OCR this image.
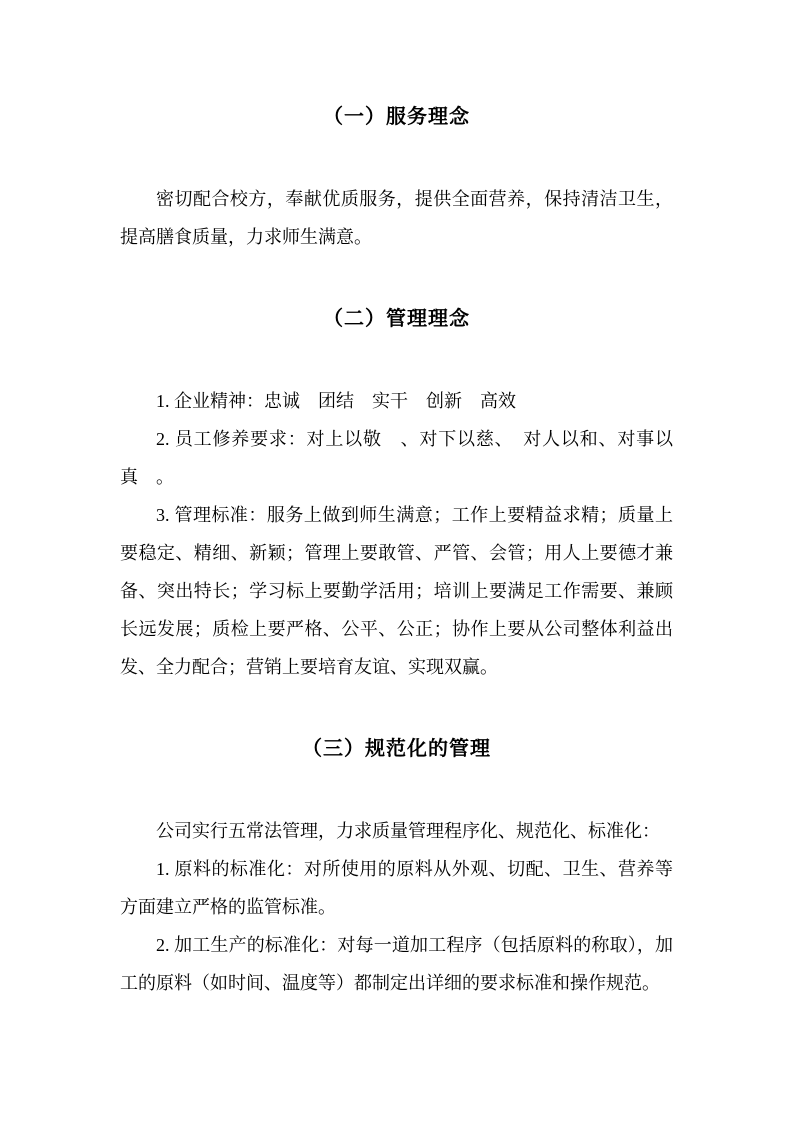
（一）服务理念

密切配合校方，奉献优质服务，提供全面营养，保持清洁卫生，提高膳食质量，力求师生满意。

（二）管理理念

1. 企业精神：忠诚　团结　实干　创新　高效

2. 员工修养要求：对上以敬　、对下以慈、　对人以和、对事以真　。

3. 管理标准：服务上做到师生满意；工作上要精益求精；质量上要稳定、精细、新颖；管理上要敢管、严管、会管；用人上要德才兼备、突出特长；学习标上要勤学活用；培训上要满足工作需要、兼顾长远发展；质检上要严格、公平、公正；协作上要从公司整体利益出发、全力配合；营销上要培育友谊、实现双赢。

（三）规范化的管理

公司实行五常法管理，力求质量管理程序化、规范化、标准化：

1. 原料的标准化：对所使用的原料从外观、切配、卫生、营养等方面建立严格的监管标准。

2. 加工生产的标准化：对每一道加工程序（包括原料的称取），加工的原料（如时间、温度等）都制定出详细的要求标准和操作规范。
